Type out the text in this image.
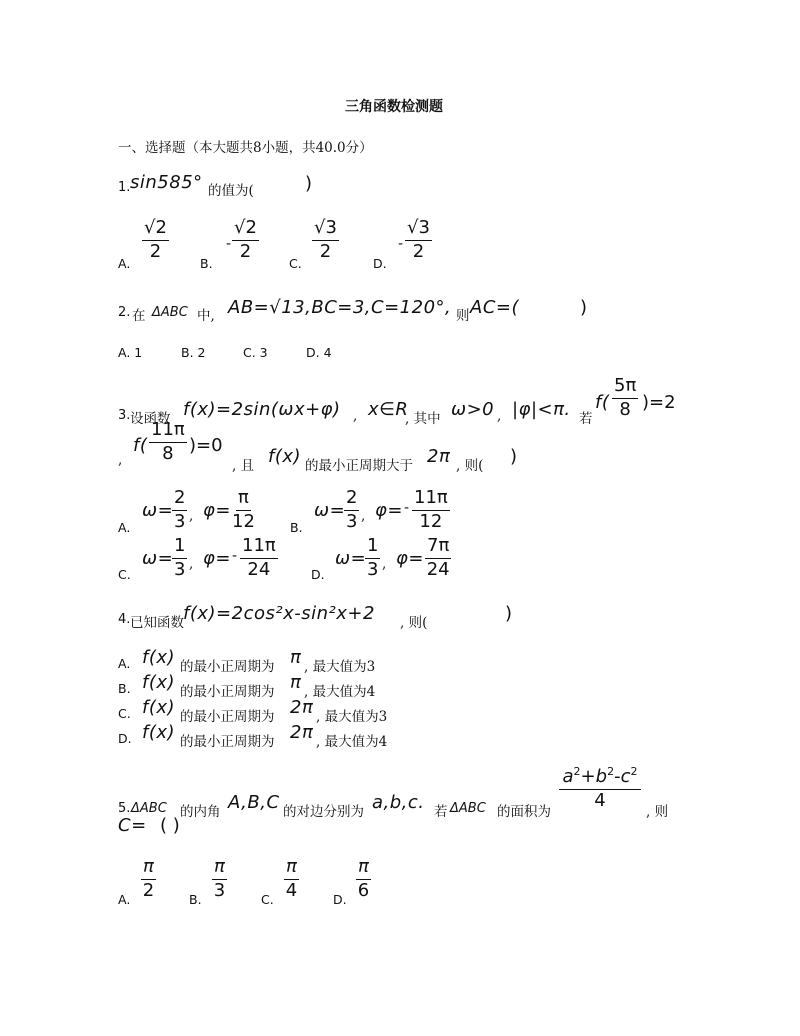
三角函数检测题
一、选择题（本大题共8小题，共40.0分）
1. sin585° 的值为(	)
A.
$\frac{√2}{2}$
B.
- $\frac{√2}{2}$
C.
$\frac{√3}{2}$
D.
- $\frac{√3}{2}$
2. 在 ΔABC 中, AB=√13,BC=3,C=120°, 则 AC=(	)
A. 1	B. 2	C. 3	D. 4
3. 设函数 f(x)=2sin(ωx+φ) , x∈R
, 其中 ω>0 , |φ|<π. 若
$f( \frac{5\pi}{8} )=2$
,
$f( \frac{11\pi}{8} )=0$
, 且 f(x) 的最小正周期大于 2π , 则( )
A.
ω=
$\frac{2}{3}$ , $\varphi= \frac{\pi}{12}$	B.
ω=
$\frac{2}{3}$ , $\varphi= - \frac{11\pi}{12}$
C.
ω=
$\frac{1}{3}$ , $\varphi= - \frac{11\pi}{24}$	D.
ω=
$\frac{1}{3}$ , $\varphi= \frac{7\pi}{24}$
4. 已知函数 f(x)=2cos²x-sin²x+2 , 则(	)
A. f(x) 的最小正周期为 π , 最大值为3
B. f(x) 的最小正周期为 π , 最大值为4
C. f(x) 的最小正周期为 2π , 最大值为3
D. f(x) 的最小正周期为 2π , 最大值为4
5. ΔABC 的内角 A,B,C 的对边分别为 a,b,c. 若 ΔABC 的面积为
$\frac{a^2+b^2-c^2}{4}$
, 则
C= ( )
A. $\frac{\pi}{2}$	B. $\frac{\pi}{3}$	C. $\frac{\pi}{4}$	D. $\frac{\pi}{6}$
